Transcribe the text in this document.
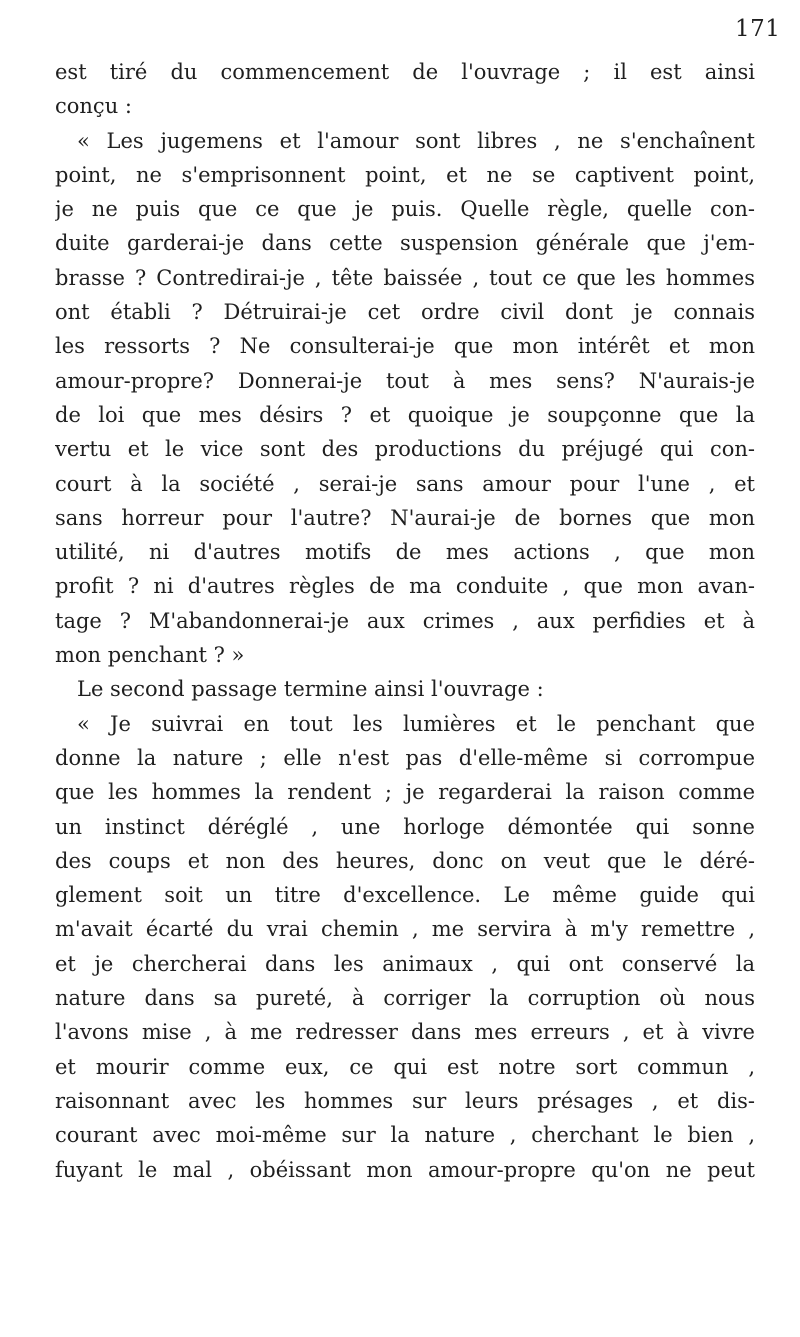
171
est tiré du commencement de l'ouvrage ; il est ainsi
conçu :
« Les jugemens et l'amour sont libres , ne s'enchaînent
point, ne s'emprisonnent point, et ne se captivent point,
je ne puis que ce que je puis. Quelle règle, quelle con-
duite garderai-je dans cette suspension générale que j'em-
brasse ? Contredirai-je , tête baissée , tout ce que les hommes
ont établi ? Détruirai-je cet ordre civil dont je connais
les ressorts ? Ne consulterai-je que mon intérêt et mon
amour-propre? Donnerai-je tout à mes sens? N'aurais-je
de loi que mes désirs ? et quoique je soupçonne que la
vertu et le vice sont des productions du préjugé qui con-
court à la société , serai-je sans amour pour l'une , et
sans horreur pour l'autre? N'aurai-je de bornes que mon
utilité, ni d'autres motifs de mes actions , que mon
profit ? ni d'autres règles de ma conduite , que mon avan-
tage ? M'abandonnerai-je aux crimes , aux perfidies et à
mon penchant ? »
Le second passage termine ainsi l'ouvrage :
« Je suivrai en tout les lumières et le penchant que
donne la nature ; elle n'est pas d'elle-même si corrompue
que les hommes la rendent ; je regarderai la raison comme
un instinct déréglé , une horloge démontée qui sonne
des coups et non des heures, donc on veut que le déré-
glement soit un titre d'excellence. Le même guide qui
m'avait écarté du vrai chemin , me servira à m'y remettre ,
et je chercherai dans les animaux , qui ont conservé la
nature dans sa pureté, à corriger la corruption où nous
l'avons mise , à me redresser dans mes erreurs , et à vivre
et mourir comme eux, ce qui est notre sort commun ,
raisonnant avec les hommes sur leurs présages , et dis-
courant avec moi-même sur la nature , cherchant le bien ,
fuyant le mal , obéissant mon amour-propre qu'on ne peut
